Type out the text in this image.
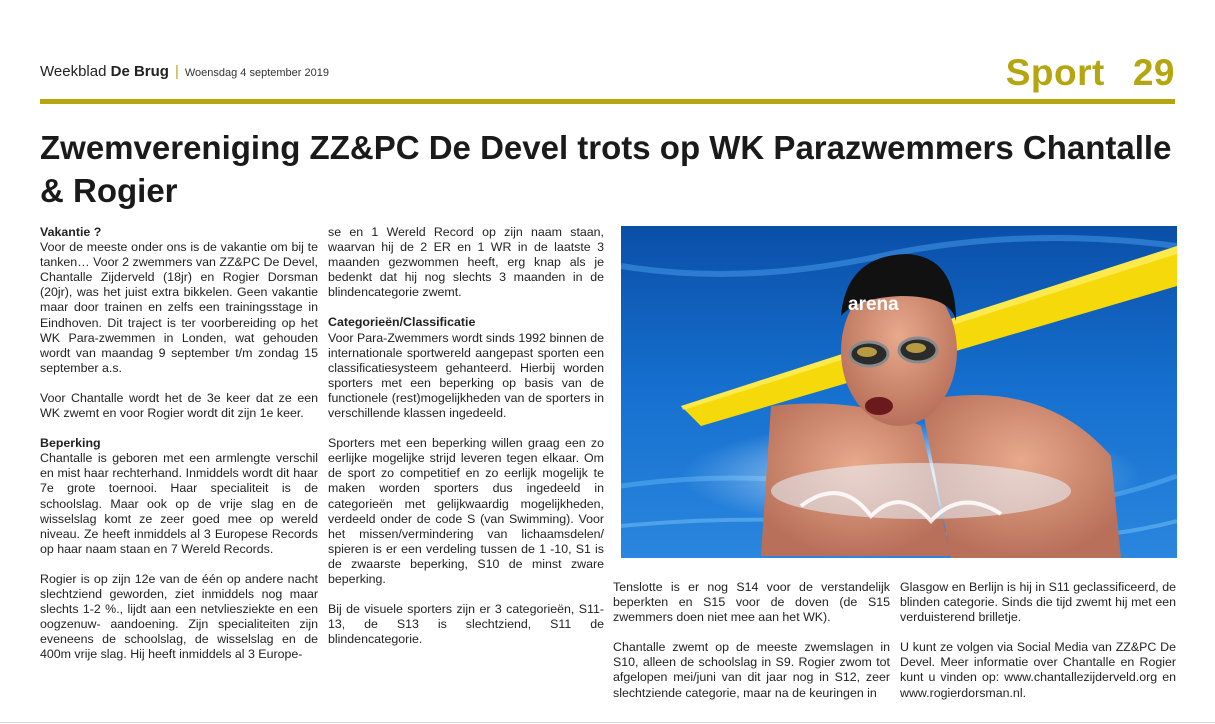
Weekblad De Brug | Woensdag 4 september 2019	Sport 29
Zwemvereniging ZZ&PC De Devel trots op WK Parazwemmers Chantalle & Rogier

Vakantie ?
Voor de meeste onder ons is de vakantie om bij te tanken… Voor 2 zwemmers van ZZ&PC De Devel, Chantalle Zijderveld (18jr) en Rogier Dorsman (20jr), was het juist extra bikkelen. Geen vakantie maar door trainen en zelfs een trainingsstage in Eindhoven. Dit traject is ter voorbereiding op het WK Para-zwemmen in Londen, wat gehouden wordt van maandag 9 september t/m zondag 15 september a.s.

Voor Chantalle wordt het de 3e keer dat ze een WK zwemt en voor Rogier wordt dit zijn 1e keer.

Beperking
Chantalle is geboren met een armlengte verschil en mist haar rechterhand. Inmiddels wordt dit haar 7e grote toernooi. Haar specialiteit is de schoolslag. Maar ook op de vrije slag en de wisselslag komt ze zeer goed mee op wereld niveau. Ze heeft inmiddels al 3 Europese Records op haar naam staan en 7 Wereld Records.

Rogier is op zijn 12e van de één op andere nacht slechtziend geworden, ziet inmiddels nog maar slechts 1-2 %., lijdt aan een netvliesziekte en een oogzenuw- aandoening. Zijn specialiteiten zijn eveneens de schoolslag, de wisselslag en de 400m vrije slag. Hij heeft inmiddels al 3 Europe-

se en 1 Wereld Record op zijn naam staan, waarvan hij de 2 ER en 1 WR in de laatste 3 maanden gezwommen heeft, erg knap als je bedenkt dat hij nog slechts 3 maanden in de blindencategorie zwemt.

Categorieën/Classificatie
Voor Para-Zwemmers wordt sinds 1992 binnen de internationale sportwereld aangepast sporten een classificatiesysteem gehanteerd. Hierbij worden sporters met een beperking op basis van de functionele (rest)mogelijkheden van de sporters in verschillende klassen ingedeeld.

Sporters met een beperking willen graag een zo eerlijke mogelijke strijd leveren tegen elkaar. Om de sport zo competitief en zo eerlijk mogelijk te maken worden sporters dus ingedeeld in categorieën met gelijkwaardig mogelijkheden, verdeeld onder de code S (van Swimming). Voor het missen/vermindering van lichaamsdelen/ spieren is er een verdeling tussen de 1 -10, S1 is de zwaarste beperking, S10 de minst zware beperking.

Bij de visuele sporters zijn er 3 categorieën, S11-13, de S13 is slechtziend, S11 de blindencategorie.

arena

Tenslotte is er nog S14 voor de verstandelijk beperkten en S15 voor de doven (de S15 zwemmers doen niet mee aan het WK).

Chantalle zwemt op de meeste zwemslagen in S10, alleen de schoolslag in S9. Rogier zwom tot afgelopen mei/juni van dit jaar nog in S12, zeer slechtziende categorie, maar na de keuringen in

Glasgow en Berlijn is hij in S11 geclassificeerd, de blinden categorie. Sinds die tijd zwemt hij met een verduisterend brilletje.

U kunt ze volgen via Social Media van ZZ&PC De Devel. Meer informatie over Chantalle en Rogier kunt u vinden op: www.chantallezijderveld.org en www.rogierdorsman.nl.
